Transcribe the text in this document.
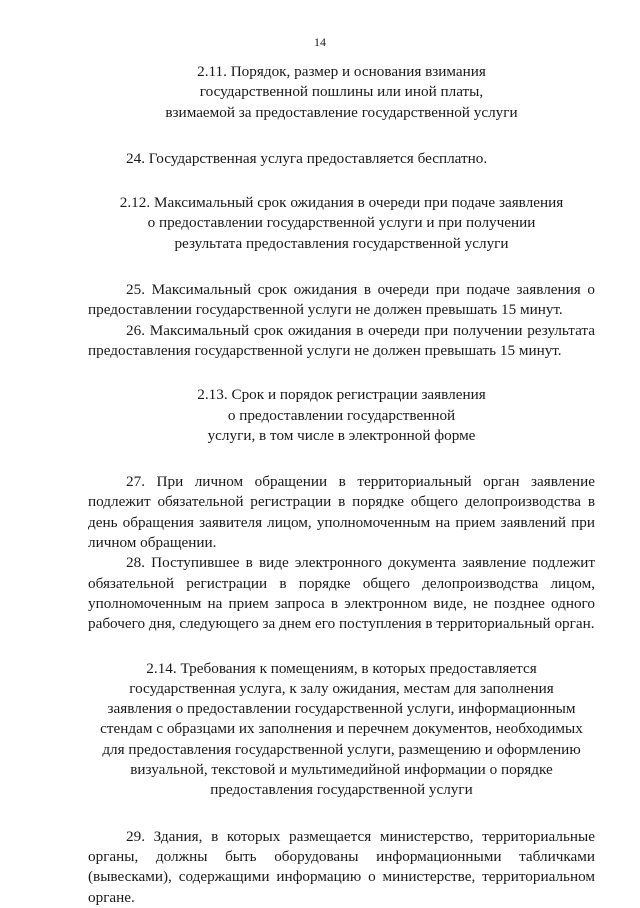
14
2.11. Порядок, размер и основания взимания
государственной пошлины или иной платы,
взимаемой за предоставление государственной услуги

24. Государственная услуга предоставляется бесплатно.

2.12. Максимальный срок ожидания в очереди при подаче заявления
о предоставлении государственной услуги и при получении
результата предоставления государственной услуги

25. Максимальный срок ожидания в очереди при подаче заявления о предоставлении государственной услуги не должен превышать 15 минут.

26. Максимальный срок ожидания в очереди при получении результата предоставления государственной услуги не должен превышать 15 минут.

2.13. Срок и порядок регистрации заявления
о предоставлении государственной
услуги, в том числе в электронной форме

27. При личном обращении в территориальный орган заявление подлежит обязательной регистрации в порядке общего делопроизводства в день обращения заявителя лицом, уполномоченным на прием заявлений при личном обращении.

28. Поступившее в виде электронного документа заявление подлежит обязательной регистрации в порядке общего делопроизводства лицом, уполномоченным на прием запроса в электронном виде, не позднее одного рабочего дня, следующего за днем его поступления в территориальный орган.

2.14. Требования к помещениям, в которых предоставляется
государственная услуга, к залу ожидания, местам для заполнения
заявления о предоставлении государственной услуги, информационным
стендам с образцами их заполнения и перечнем документов, необходимых
для предоставления государственной услуги, размещению и оформлению
визуальной, текстовой и мультимедийной информации о порядке
предоставления государственной услуги

29. Здания, в которых размещается министерство, территориальные органы, должны быть оборудованы информационными табличками (вывесками), содержащими информацию о министерстве, территориальном органе.
